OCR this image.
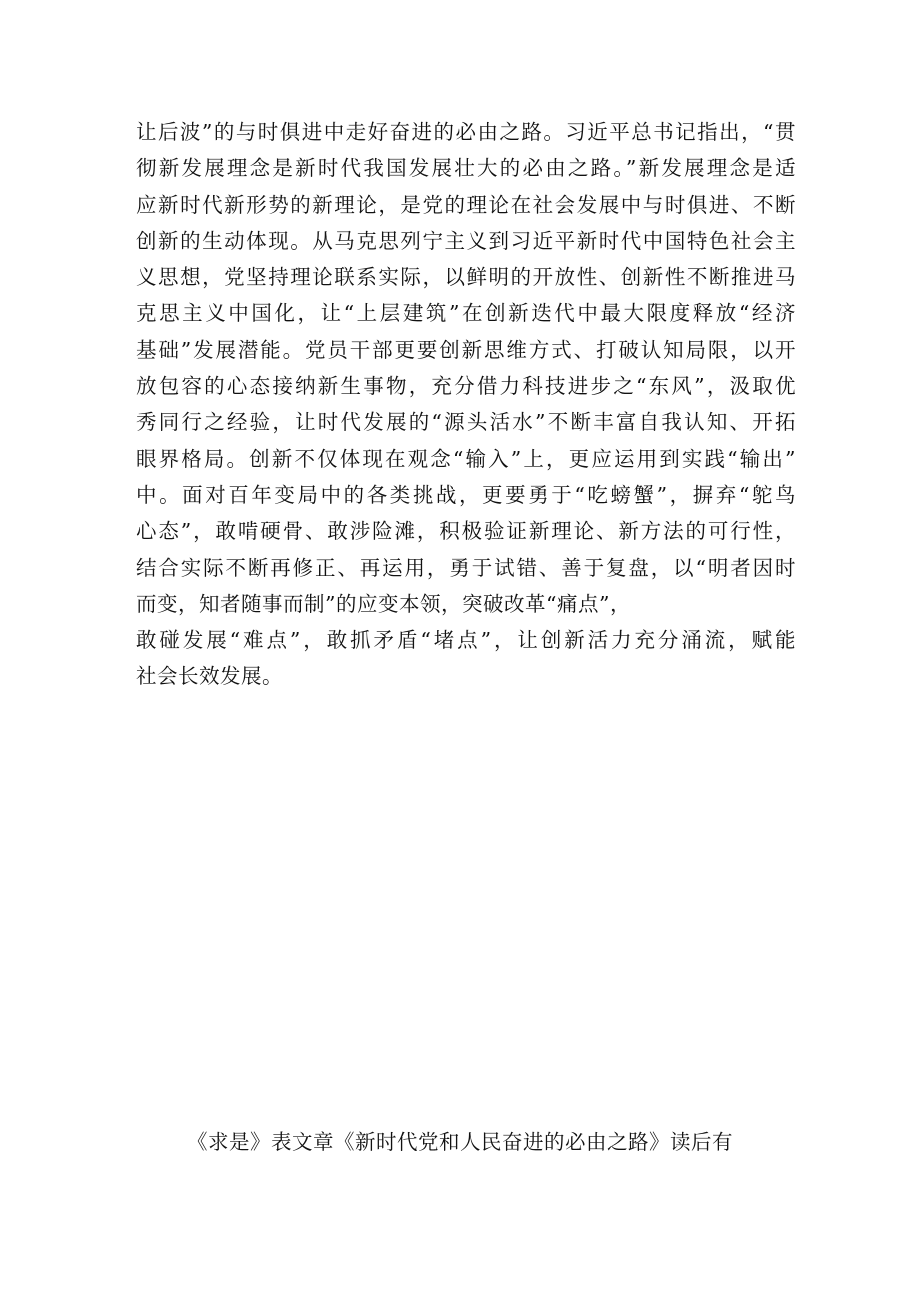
让后波”的与时俱进中走好奋进的必由之路。习近平总书记指出，“贯
彻新发展理念是新时代我国发展壮大的必由之路。”新发展理念是适
应新时代新形势的新理论，是党的理论在社会发展中与时俱进、不断
创新的生动体现。从马克思列宁主义到习近平新时代中国特色社会主
义思想，党坚持理论联系实际，以鲜明的开放性、创新性不断推进马
克思主义中国化，让“上层建筑”在创新迭代中最大限度释放“经济
基础”发展潜能。党员干部更要创新思维方式、打破认知局限，以开
放包容的心态接纳新生事物，充分借力科技进步之“东风”，汲取优
秀同行之经验，让时代发展的“源头活水”不断丰富自我认知、开拓
眼界格局。创新不仅体现在观念“输入”上，更应运用到实践“输出”
中。面对百年变局中的各类挑战，更要勇于“吃螃蟹”，摒弃“鸵鸟
心态”，敢啃硬骨、敢涉险滩，积极验证新理论、新方法的可行性，
结合实际不断再修正、再运用，勇于试错、善于复盘，以“明者因时
而变，知者随事而制”的应变本领，突破改革“痛点”，
敢碰发展“难点”，敢抓矛盾“堵点”，让创新活力充分涌流，赋能
社会长效发展。
《求是》表文章《新时代党和人民奋进的必由之路》读后有
